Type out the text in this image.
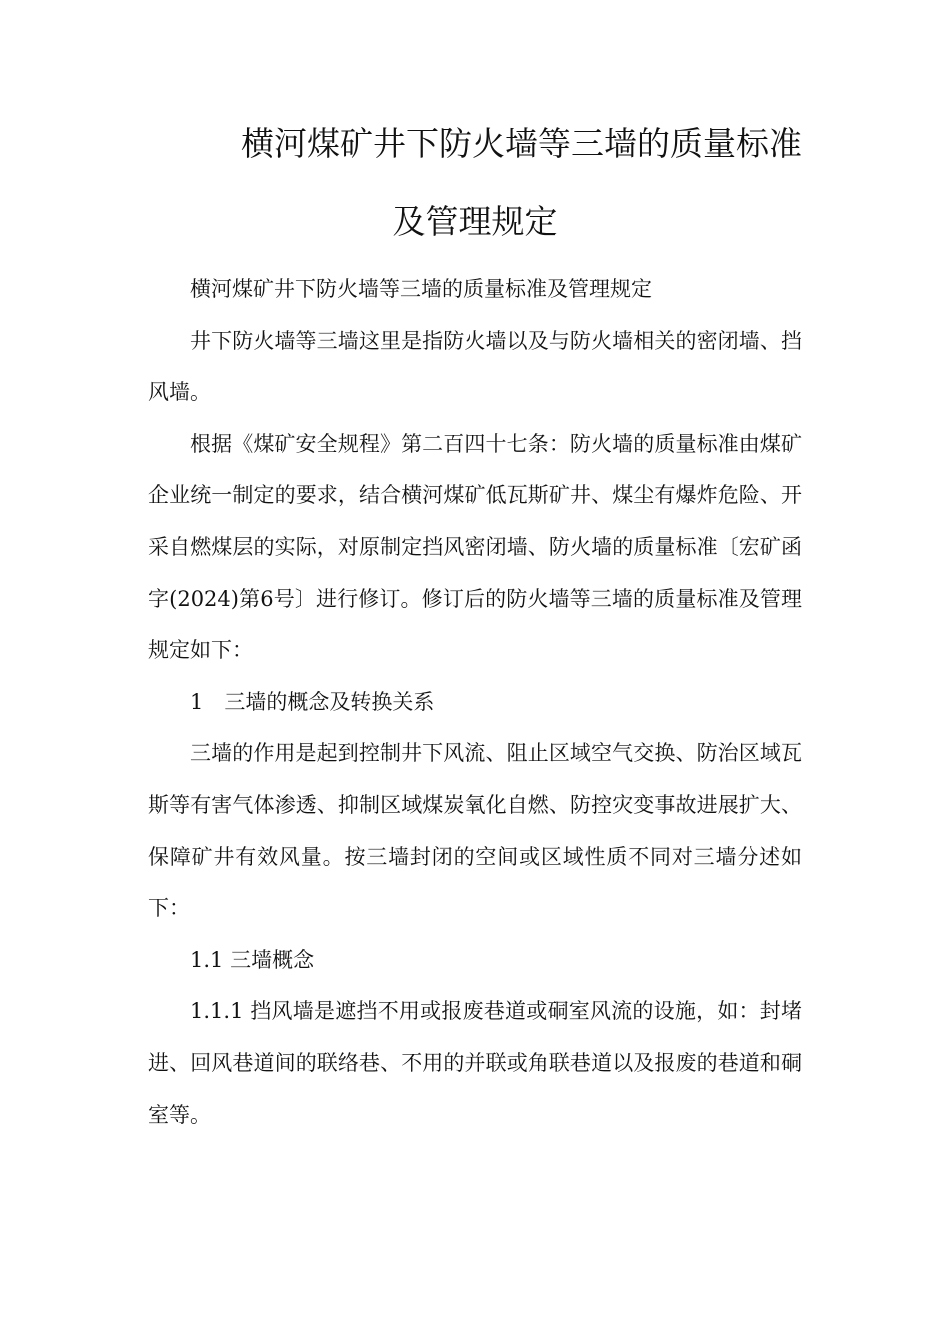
横河煤矿井下防火墙等三墙的质量标准
及管理规定

横河煤矿井下防火墙等三墙的质量标准及管理规定

井下防火墙等三墙这里是指防火墙以及与防火墙相关的密闭墙、挡风墙。

根据《煤矿安全规程》第二百四十七条：防火墙的质量标准由煤矿企业统一制定的要求，结合横河煤矿低瓦斯矿井、煤尘有爆炸危险、开采自燃煤层的实际，对原制定挡风密闭墙、防火墙的质量标准〔宏矿函字(2024)第6号〕进行修订。修订后的防火墙等三墙的质量标准及管理规定如下：

1　三墙的概念及转换关系

三墙的作用是起到控制井下风流、阻止区域空气交换、防治区域瓦斯等有害气体渗透、抑制区域煤炭氧化自燃、防控灾变事故进展扩大、保障矿井有效风量。按三墙封闭的空间或区域性质不同对三墙分述如下：

1.1 三墙概念

1.1.1 挡风墙是遮挡不用或报废巷道或硐室风流的设施，如：封堵进、回风巷道间的联络巷、不用的并联或角联巷道以及报废的巷道和硐室等。
